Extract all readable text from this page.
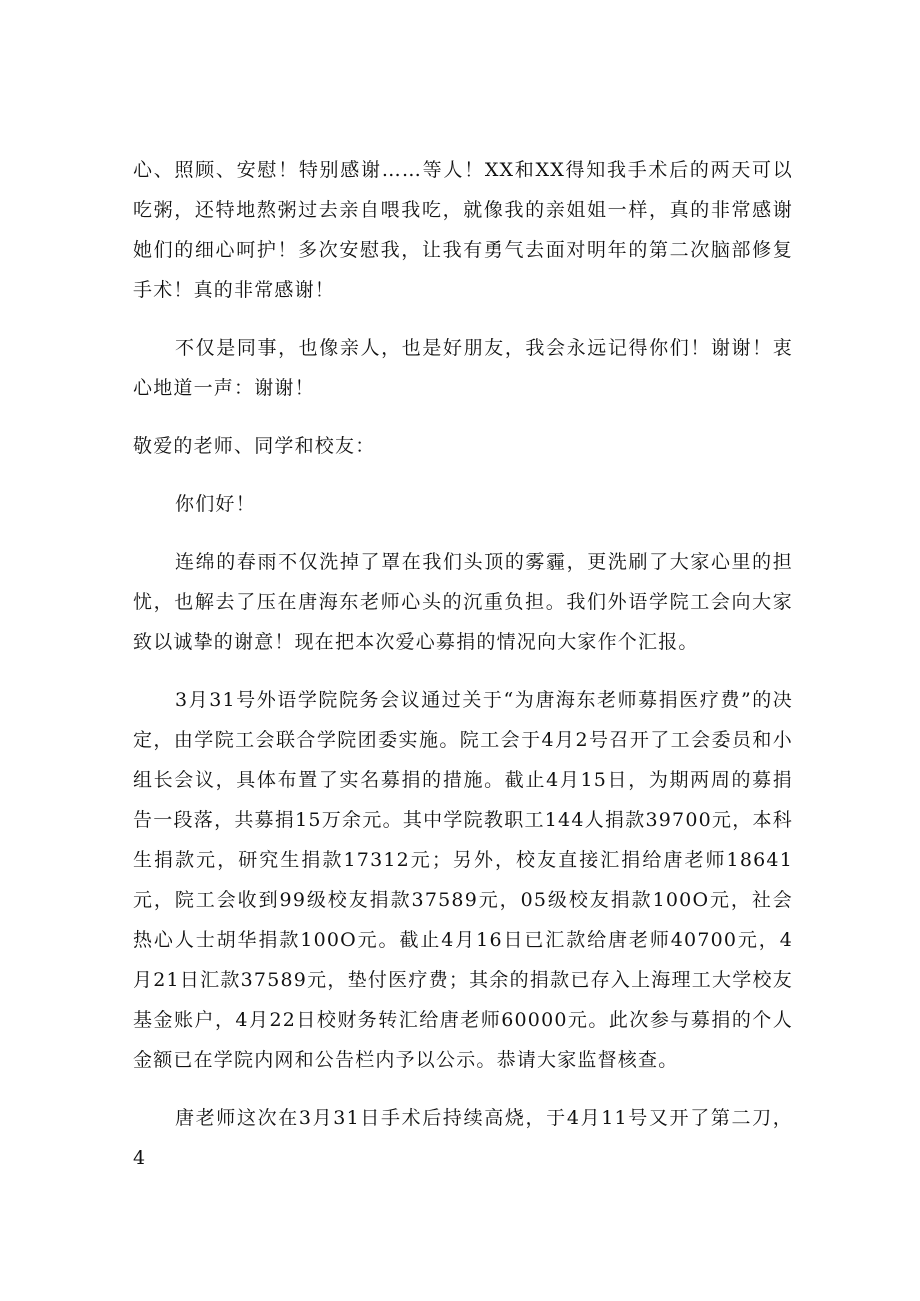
心、照顾、安慰！特别感谢……等人！XX和XX得知我手术后的两天可以吃粥，还特地熬粥过去亲自喂我吃，就像我的亲姐姐一样，真的非常感谢她们的细心呵护！多次安慰我，让我有勇气去面对明年的第二次脑部修复手术！真的非常感谢！

不仅是同事，也像亲人，也是好朋友，我会永远记得你们！谢谢！衷心地道一声：谢谢！

敬爱的老师、同学和校友：

你们好！

连绵的春雨不仅洗掉了罩在我们头顶的雾霾，更洗刷了大家心里的担忧，也解去了压在唐海东老师心头的沉重负担。我们外语学院工会向大家致以诚挚的谢意！现在把本次爱心募捐的情况向大家作个汇报。

3月31号外语学院院务会议通过关于“为唐海东老师募捐医疗费”的决定，由学院工会联合学院团委实施。院工会于4月2号召开了工会委员和小组长会议，具体布置了实名募捐的措施。截止4月15日，为期两周的募捐告一段落，共募捐15万余元。其中学院教职工144人捐款39700元，本科生捐款元，研究生捐款17312元；另外，校友直接汇捐给唐老师18641元，院工会收到99级校友捐款37589元，05级校友捐款100O元，社会热心人士胡华捐款100O元。截止4月16日已汇款给唐老师40700元，4月21日汇款37589元，垫付医疗费；其余的捐款已存入上海理工大学校友基金账户，4月22日校财务转汇给唐老师60000元。此次参与募捐的个人金额已在学院内网和公告栏内予以公示。恭请大家监督核查。

唐老师这次在3月31日手术后持续高烧，于4月11号又开了第二刀，4
